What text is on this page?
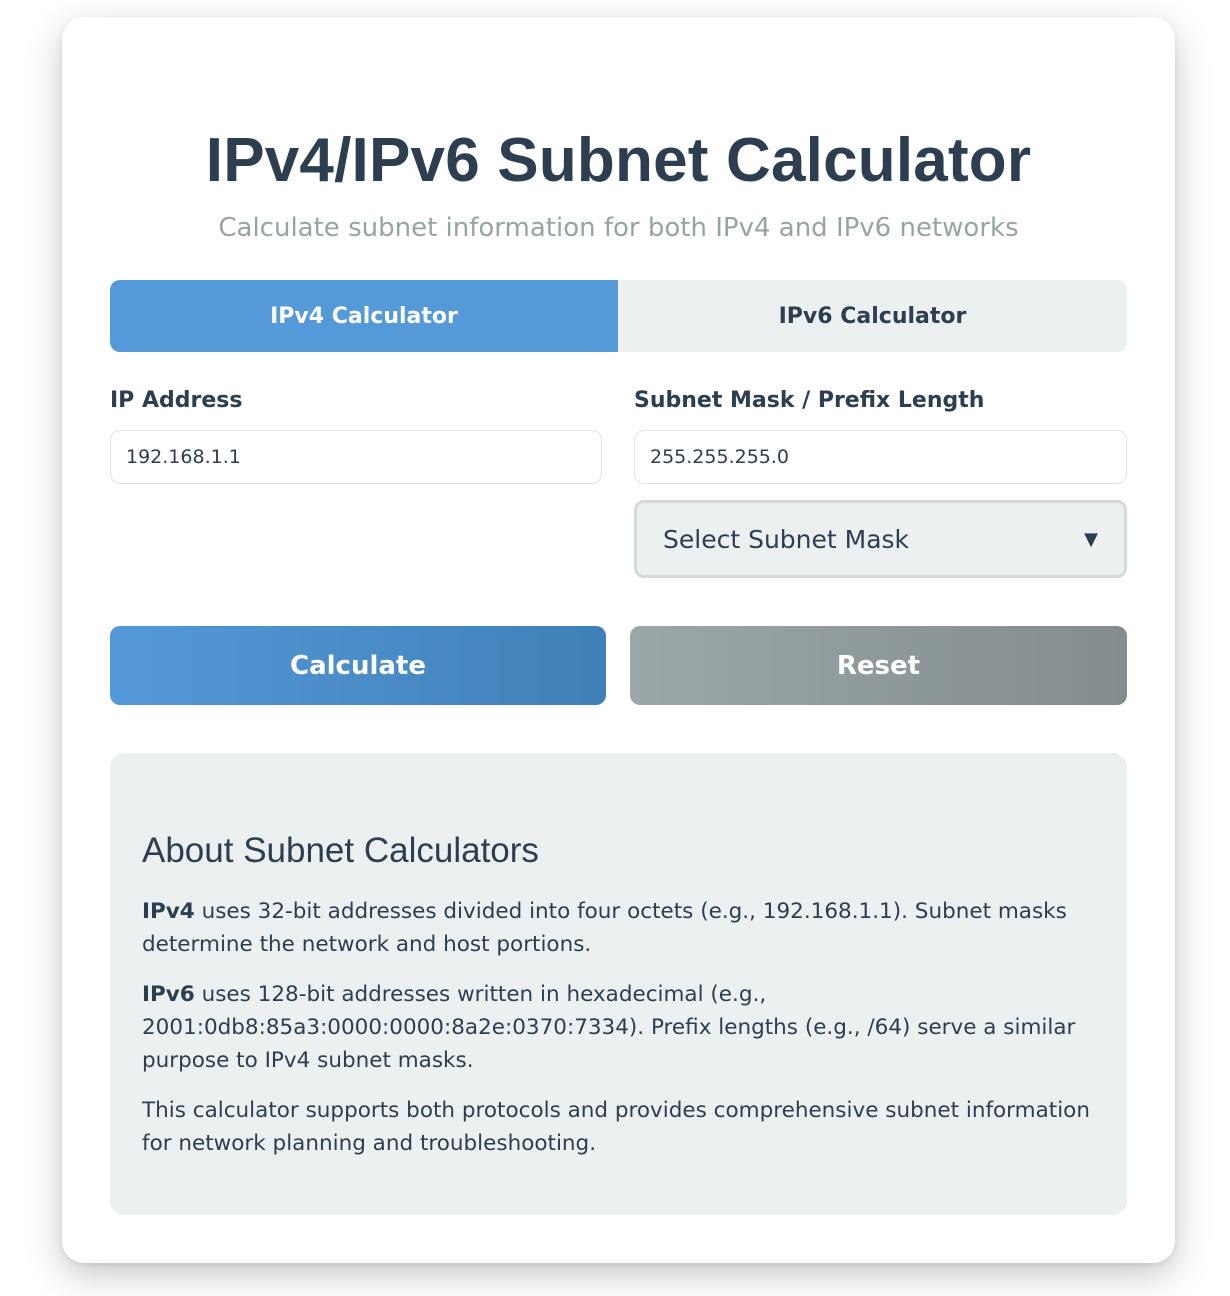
IPv4/IPv6 Subnet Calculator
Calculate subnet information for both IPv4 and IPv6 networks
IPv4 Calculator	IPv6 Calculator
IP Address
192.168.1.1	Subnet Mask / Prefix Length
255.255.255.0
Select Subnet Mask	▼
Calculate	Reset
About Subnet Calculators

IPv4 uses 32-bit addresses divided into four octets (e.g., 192.168.1.1). Subnet masks determine the network and host portions.

IPv6 uses 128-bit addresses written in hexadecimal (e.g., 2001:0db8:85a3:0000:0000:8a2e:0370:7334). Prefix lengths (e.g., /64) serve a similar purpose to IPv4 subnet masks.

This calculator supports both protocols and provides comprehensive subnet information for network planning and troubleshooting.
